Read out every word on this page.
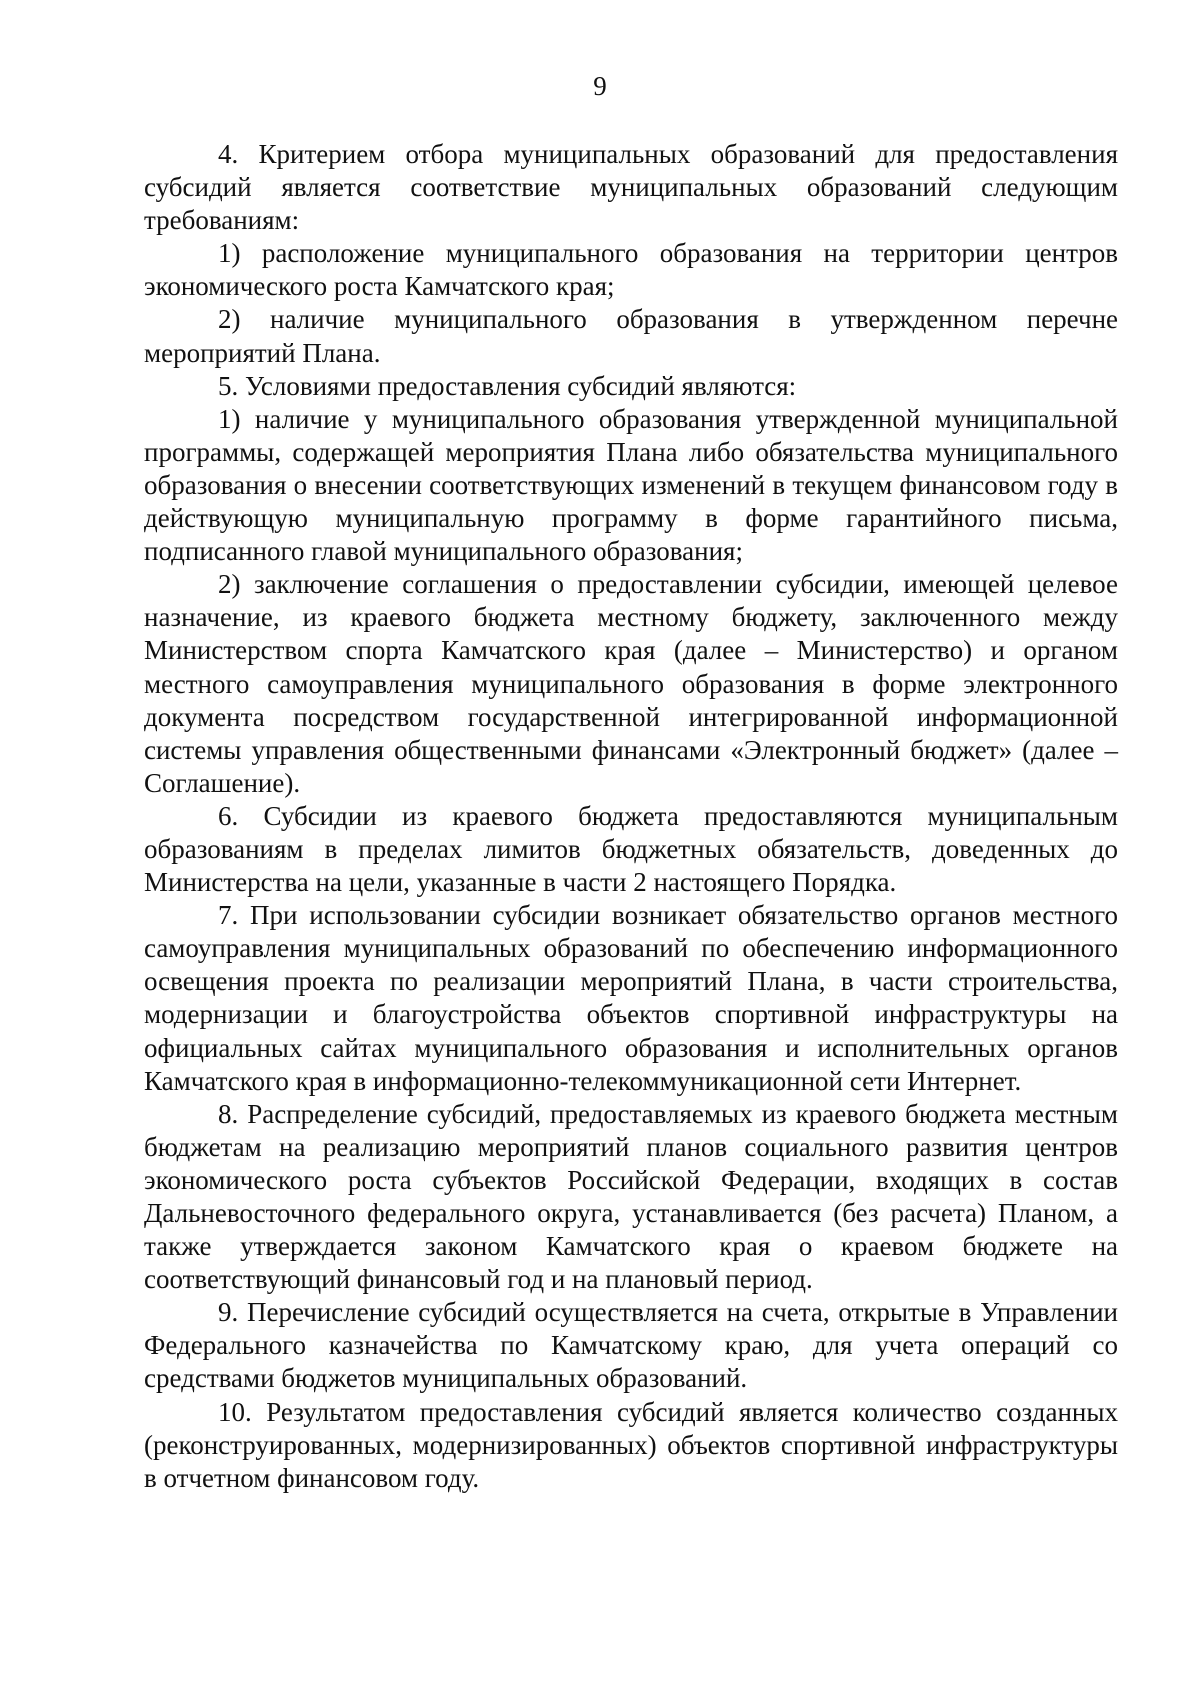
9

4. Критерием отбора муниципальных образований для предоставления субсидий является соответствие муниципальных образований следующим требованиям:

1) расположение муниципального образования на территории центров экономического роста Камчатского края;

2) наличие муниципального образования в утвержденном перечне мероприятий Плана.

5. Условиями предоставления субсидий являются:

1) наличие у муниципального образования утвержденной муниципальной программы, содержащей мероприятия Плана либо обязательства муниципального образования о внесении соответствующих изменений в текущем финансовом году в действующую муниципальную программу в форме гарантийного письма, подписанного главой муниципального образования;

2) заключение соглашения о предоставлении субсидии, имеющей целевое назначение, из краевого бюджета местному бюджету, заключенного между Министерством спорта Камчатского края (далее – Министерство) и органом местного самоуправления муниципального образования в форме электронного документа посредством государственной интегрированной информационной системы управления общественными финансами «Электронный бюджет» (далее – Соглашение).

6. Субсидии из краевого бюджета предоставляются муниципальным образованиям в пределах лимитов бюджетных обязательств, доведенных до Министерства на цели, указанные в части 2 настоящего Порядка.

7. При использовании субсидии возникает обязательство органов местного самоуправления муниципальных образований по обеспечению информационного освещения проекта по реализации мероприятий Плана, в части строительства, модернизации и благоустройства объектов спортивной инфраструктуры на официальных сайтах муниципального образования и исполнительных органов Камчатского края в информационно-телекоммуникационной сети Интернет.

8. Распределение субсидий, предоставляемых из краевого бюджета местным бюджетам на реализацию мероприятий планов социального развития центров экономического роста субъектов Российской Федерации, входящих в состав Дальневосточного федерального округа, устанавливается (без расчета) Планом, а также утверждается законом Камчатского края о краевом бюджете на соответствующий финансовый год и на плановый период.

9. Перечисление субсидий осуществляется на счета, открытые в Управлении Федерального казначейства по Камчатскому краю, для учета операций со средствами бюджетов муниципальных образований.

10. Результатом предоставления субсидий является количество созданных (реконструированных, модернизированных) объектов спортивной инфраструктуры в отчетном финансовом году.
